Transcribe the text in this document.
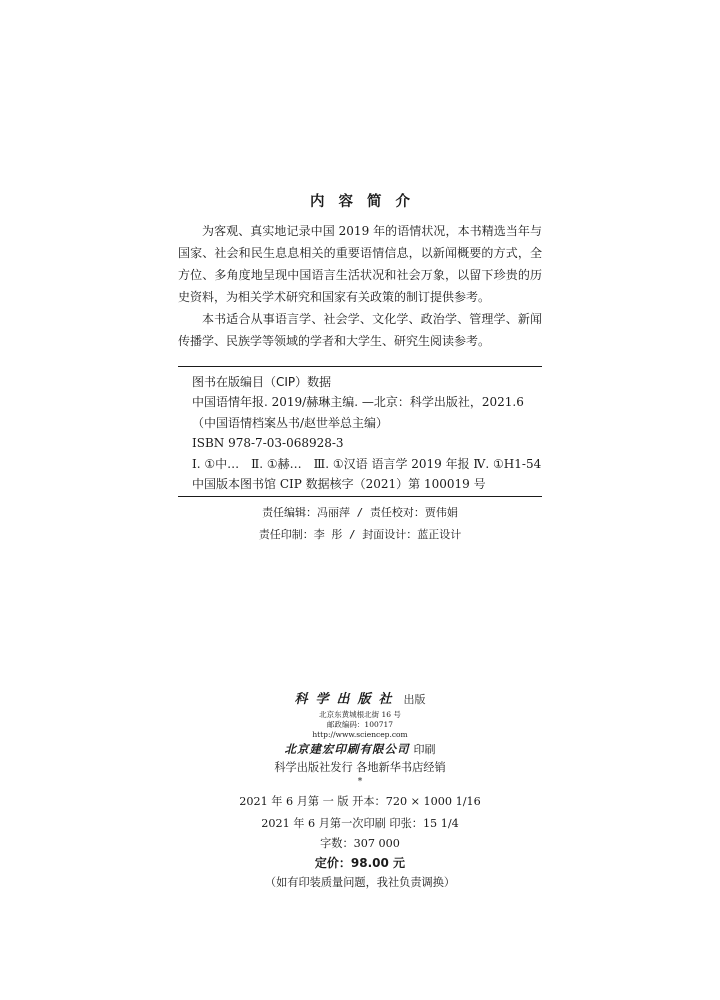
内容简介

为客观、真实地记录中国 2019 年的语情状况，本书精选当年与国家、社会和民生息息相关的重要语情信息，以新闻概要的方式，全方位、多角度地呈现中国语言生活状况和社会万象，以留下珍贵的历史资料，为相关学术研究和国家有关政策的制订提供参考。

本书适合从事语言学、社会学、文化学、政治学、管理学、新闻传播学、民族学等领域的学者和大学生、研究生阅读参考。

图书在版编目（CIP）数据
中国语情年报. 2019/赫琳主编. —北京：科学出版社，2021.6
（中国语情档案丛书/赵世举总主编）
ISBN 978-7-03-068928-3
Ⅰ. ①中…　Ⅱ. ①赫…　Ⅲ. ①汉语 语言学 2019 年报 Ⅳ. ①H1-54
中国版本图书馆 CIP 数据核字（2021）第 100019 号
责任编辑：冯丽萍 / 责任校对：贾伟娟
责任印制：李 彤 / 封面设计：蓝正设计
科学出版社 出版
北京东黄城根北街 16 号
邮政编码：100717
http://www.sciencep.com
北京建宏印刷有限公司 印刷
科学出版社发行 各地新华书店经销
*
2021 年 6 月第 一 版 开本：720 × 1000 1/16
2021 年 6 月第一次印刷 印张：15 1/4
字数：307 000
定价：98.00 元
（如有印装质量问题，我社负责调换）
